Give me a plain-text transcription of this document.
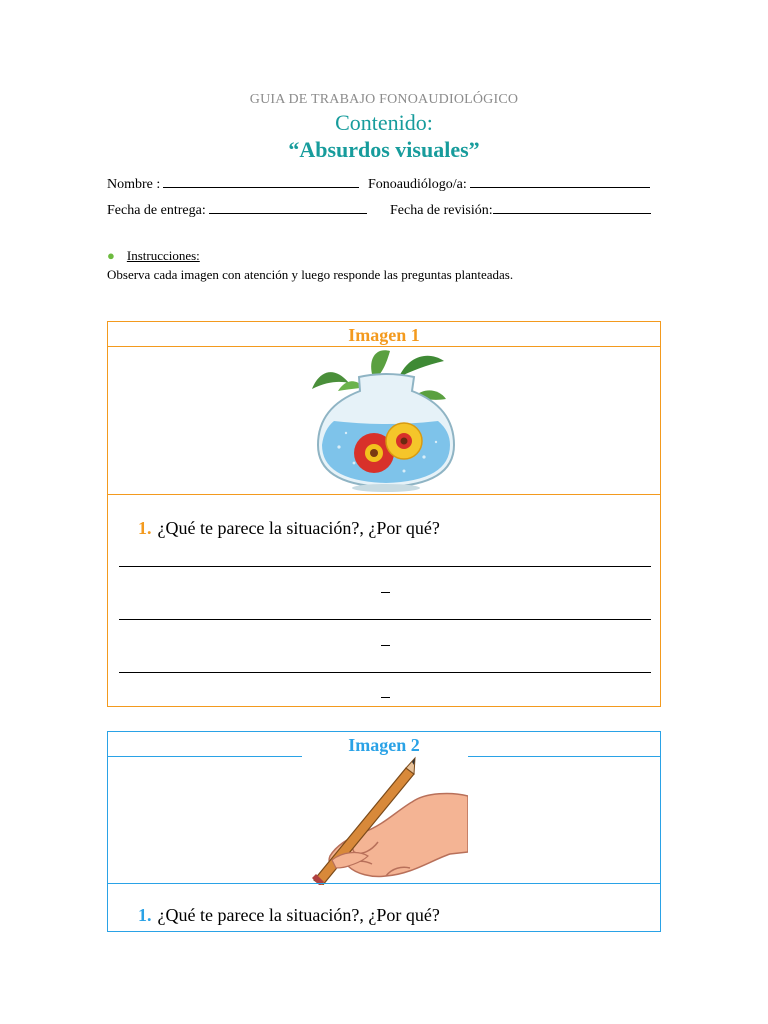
GUIA DE TRABAJO FONOAUDIOLÓGICO
Contenido:
“Absurdos visuales”
Nombre :	Fonoaudiólogo/a:
Fecha de entrega:	Fecha de revisión:
● Instrucciones:
Observa cada imagen con atención y luego responde las preguntas planteadas.
Imagen 1
1. ¿Qué te parece la situación?, ¿Por qué?
Imagen 2
1. ¿Qué te parece la situación?, ¿Por qué?
